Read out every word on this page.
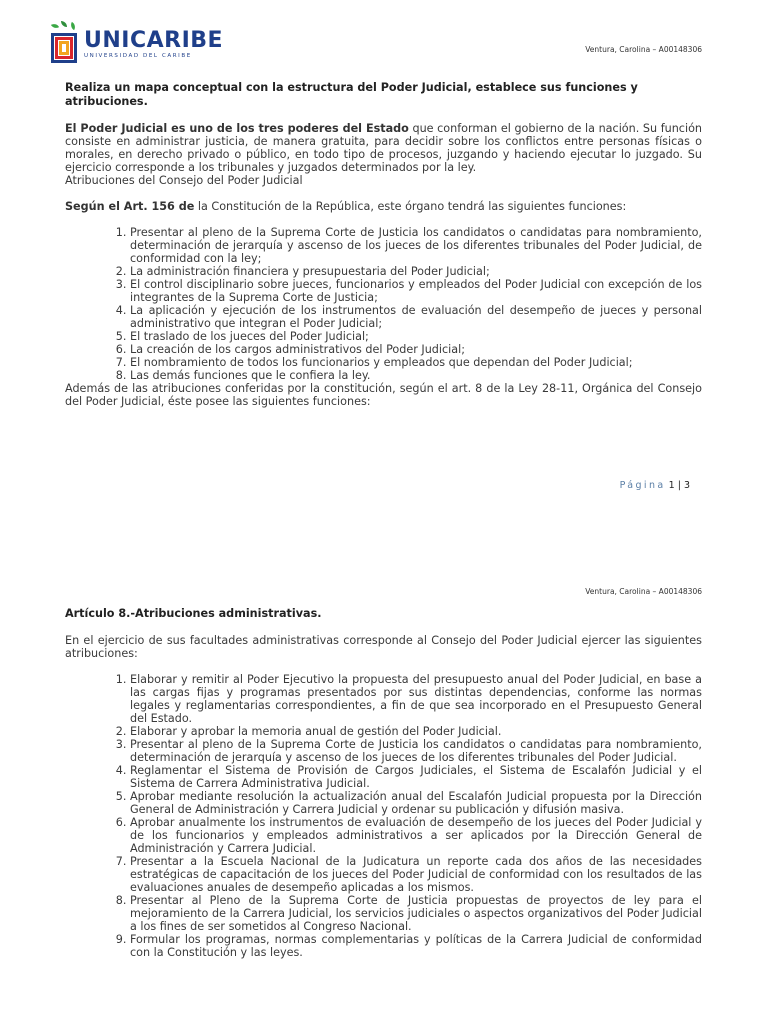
UNICARIBE
UNIVERSIDAD DEL CARIBE
Ventura, Carolina – A00148306
Realiza un mapa conceptual con la estructura del Poder Judicial, establece sus funciones y atribuciones.

El Poder Judicial es uno de los tres poderes del Estado que conforman el gobierno de la nación. Su función consiste en administrar justicia, de manera gratuita, para decidir sobre los conflictos entre personas físicas o morales, en derecho privado o público, en todo tipo de procesos, juzgando y haciendo ejecutar lo juzgado. Su ejercicio corresponde a los tribunales y juzgados determinados por la ley.

Atribuciones del Consejo del Poder Judicial

Según el Art. 156 de la Constitución de la República, este órgano tendrá las siguientes funciones:

1. Presentar al pleno de la Suprema Corte de Justicia los candidatos o candidatas para nombramiento, determinación de jerarquía y ascenso de los jueces de los diferentes tribunales del Poder Judicial, de conformidad con la ley;
2. La administración financiera y presupuestaria del Poder Judicial;
3. El control disciplinario sobre jueces, funcionarios y empleados del Poder Judicial con excepción de los integrantes de la Suprema Corte de Justicia;
4. La aplicación y ejecución de los instrumentos de evaluación del desempeño de jueces y personal administrativo que integran el Poder Judicial;
5. El traslado de los jueces del Poder Judicial;
6. La creación de los cargos administrativos del Poder Judicial;
7. El nombramiento de todos los funcionarios y empleados que dependan del Poder Judicial;
8. Las demás funciones que le confiera la ley.

Además de las atribuciones conferidas por la constitución, según el art. 8 de la Ley 28-11, Orgánica del Consejo del Poder Judicial, éste posee las siguientes funciones:

Página 1 | 3
Ventura, Carolina – A00148306
Artículo 8.-Atribuciones administrativas.

En el ejercicio de sus facultades administrativas corresponde al Consejo del Poder Judicial ejercer las siguientes atribuciones:

1. Elaborar y remitir al Poder Ejecutivo la propuesta del presupuesto anual del Poder Judicial, en base a las cargas fijas y programas presentados por sus distintas dependencias, conforme las normas legales y reglamentarias correspondientes, a fin de que sea incorporado en el Presupuesto General del Estado.
2. Elaborar y aprobar la memoria anual de gestión del Poder Judicial.
3. Presentar al pleno de la Suprema Corte de Justicia los candidatos o candidatas para nombramiento, determinación de jerarquía y ascenso de los jueces de los diferentes tribunales del Poder Judicial.
4. Reglamentar el Sistema de Provisión de Cargos Judiciales, el Sistema de Escalafón Judicial y el Sistema de Carrera Administrativa Judicial.
5. Aprobar mediante resolución la actualización anual del Escalafón Judicial propuesta por la Dirección General de Administración y Carrera Judicial y ordenar su publicación y difusión masiva.
6. Aprobar anualmente los instrumentos de evaluación de desempeño de los jueces del Poder Judicial y de los funcionarios y empleados administrativos a ser aplicados por la Dirección General de Administración y Carrera Judicial.
7. Presentar a la Escuela Nacional de la Judicatura un reporte cada dos años de las necesidades estratégicas de capacitación de los jueces del Poder Judicial de conformidad con los resultados de las evaluaciones anuales de desempeño aplicadas a los mismos.
8. Presentar al Pleno de la Suprema Corte de Justicia propuestas de proyectos de ley para el mejoramiento de la Carrera Judicial, los servicios judiciales o aspectos organizativos del Poder Judicial a los fines de ser sometidos al Congreso Nacional.
9. Formular los programas, normas complementarias y políticas de la Carrera Judicial de conformidad con la Constitución y las leyes.
